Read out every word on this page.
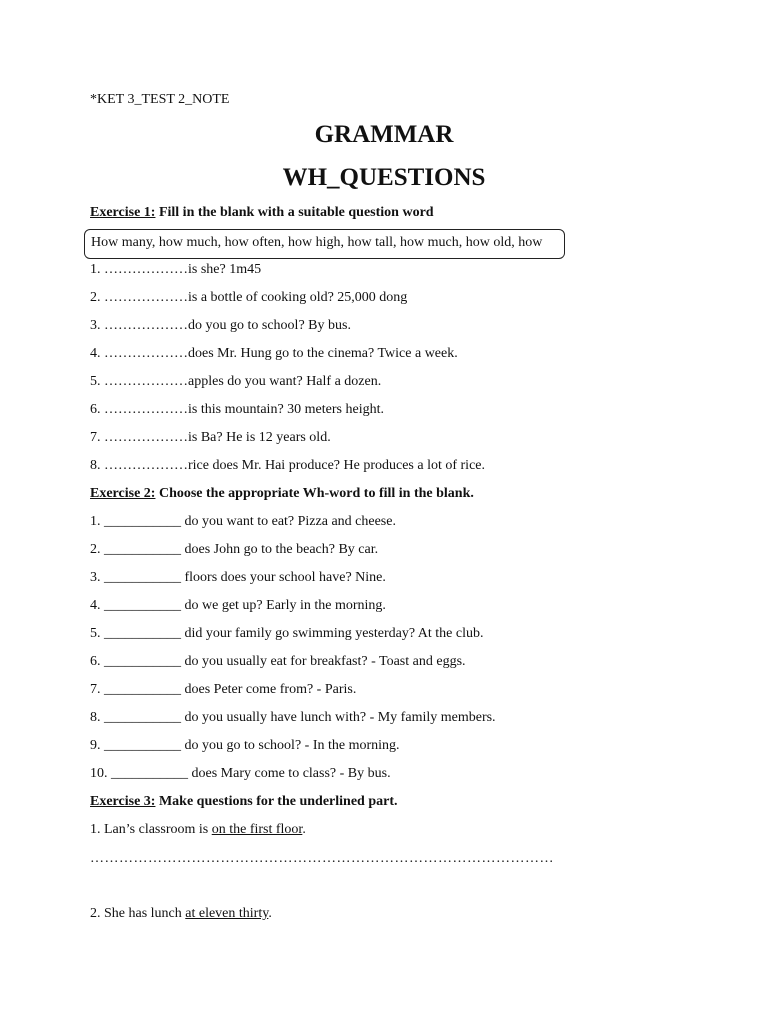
*KET 3_TEST 2_NOTE
GRAMMAR
WH_QUESTIONS
Exercise 1: Fill in the blank with a suitable question word
How many, how much, how often, how high, how tall, how much, how old, how
1. ………………is she? 1m45
2. ………………is a bottle of cooking old? 25,000 dong
3. ………………do you go to school? By bus.
4. ………………does Mr. Hung go to the cinema? Twice a week.
5. ………………apples do you want? Half a dozen.
6. ………………is this mountain? 30 meters height.
7. ………………is Ba? He is 12 years old.
8. ………………rice does Mr. Hai produce? He produces a lot of rice.
Exercise 2: Choose the appropriate Wh-word to fill in the blank.
1. ___________ do you want to eat? Pizza and cheese.
2. ___________ does John go to the beach? By car.
3. ___________ floors does your school have? Nine.
4. ___________ do we get up? Early in the morning.
5. ___________ did your family go swimming yesterday? At the club.
6. ___________ do you usually eat for breakfast? - Toast and eggs.
7. ___________ does Peter come from? - Paris.
8. ___________ do you usually have lunch with? - My family members.
9. ___________ do you go to school? - In the morning.
10. ___________ does Mary come to class? - By bus.
Exercise 3: Make questions for the underlined part.
1. Lan’s classroom is on the first floor.
……………………………………………………………………………………
2. She has lunch at eleven thirty.
